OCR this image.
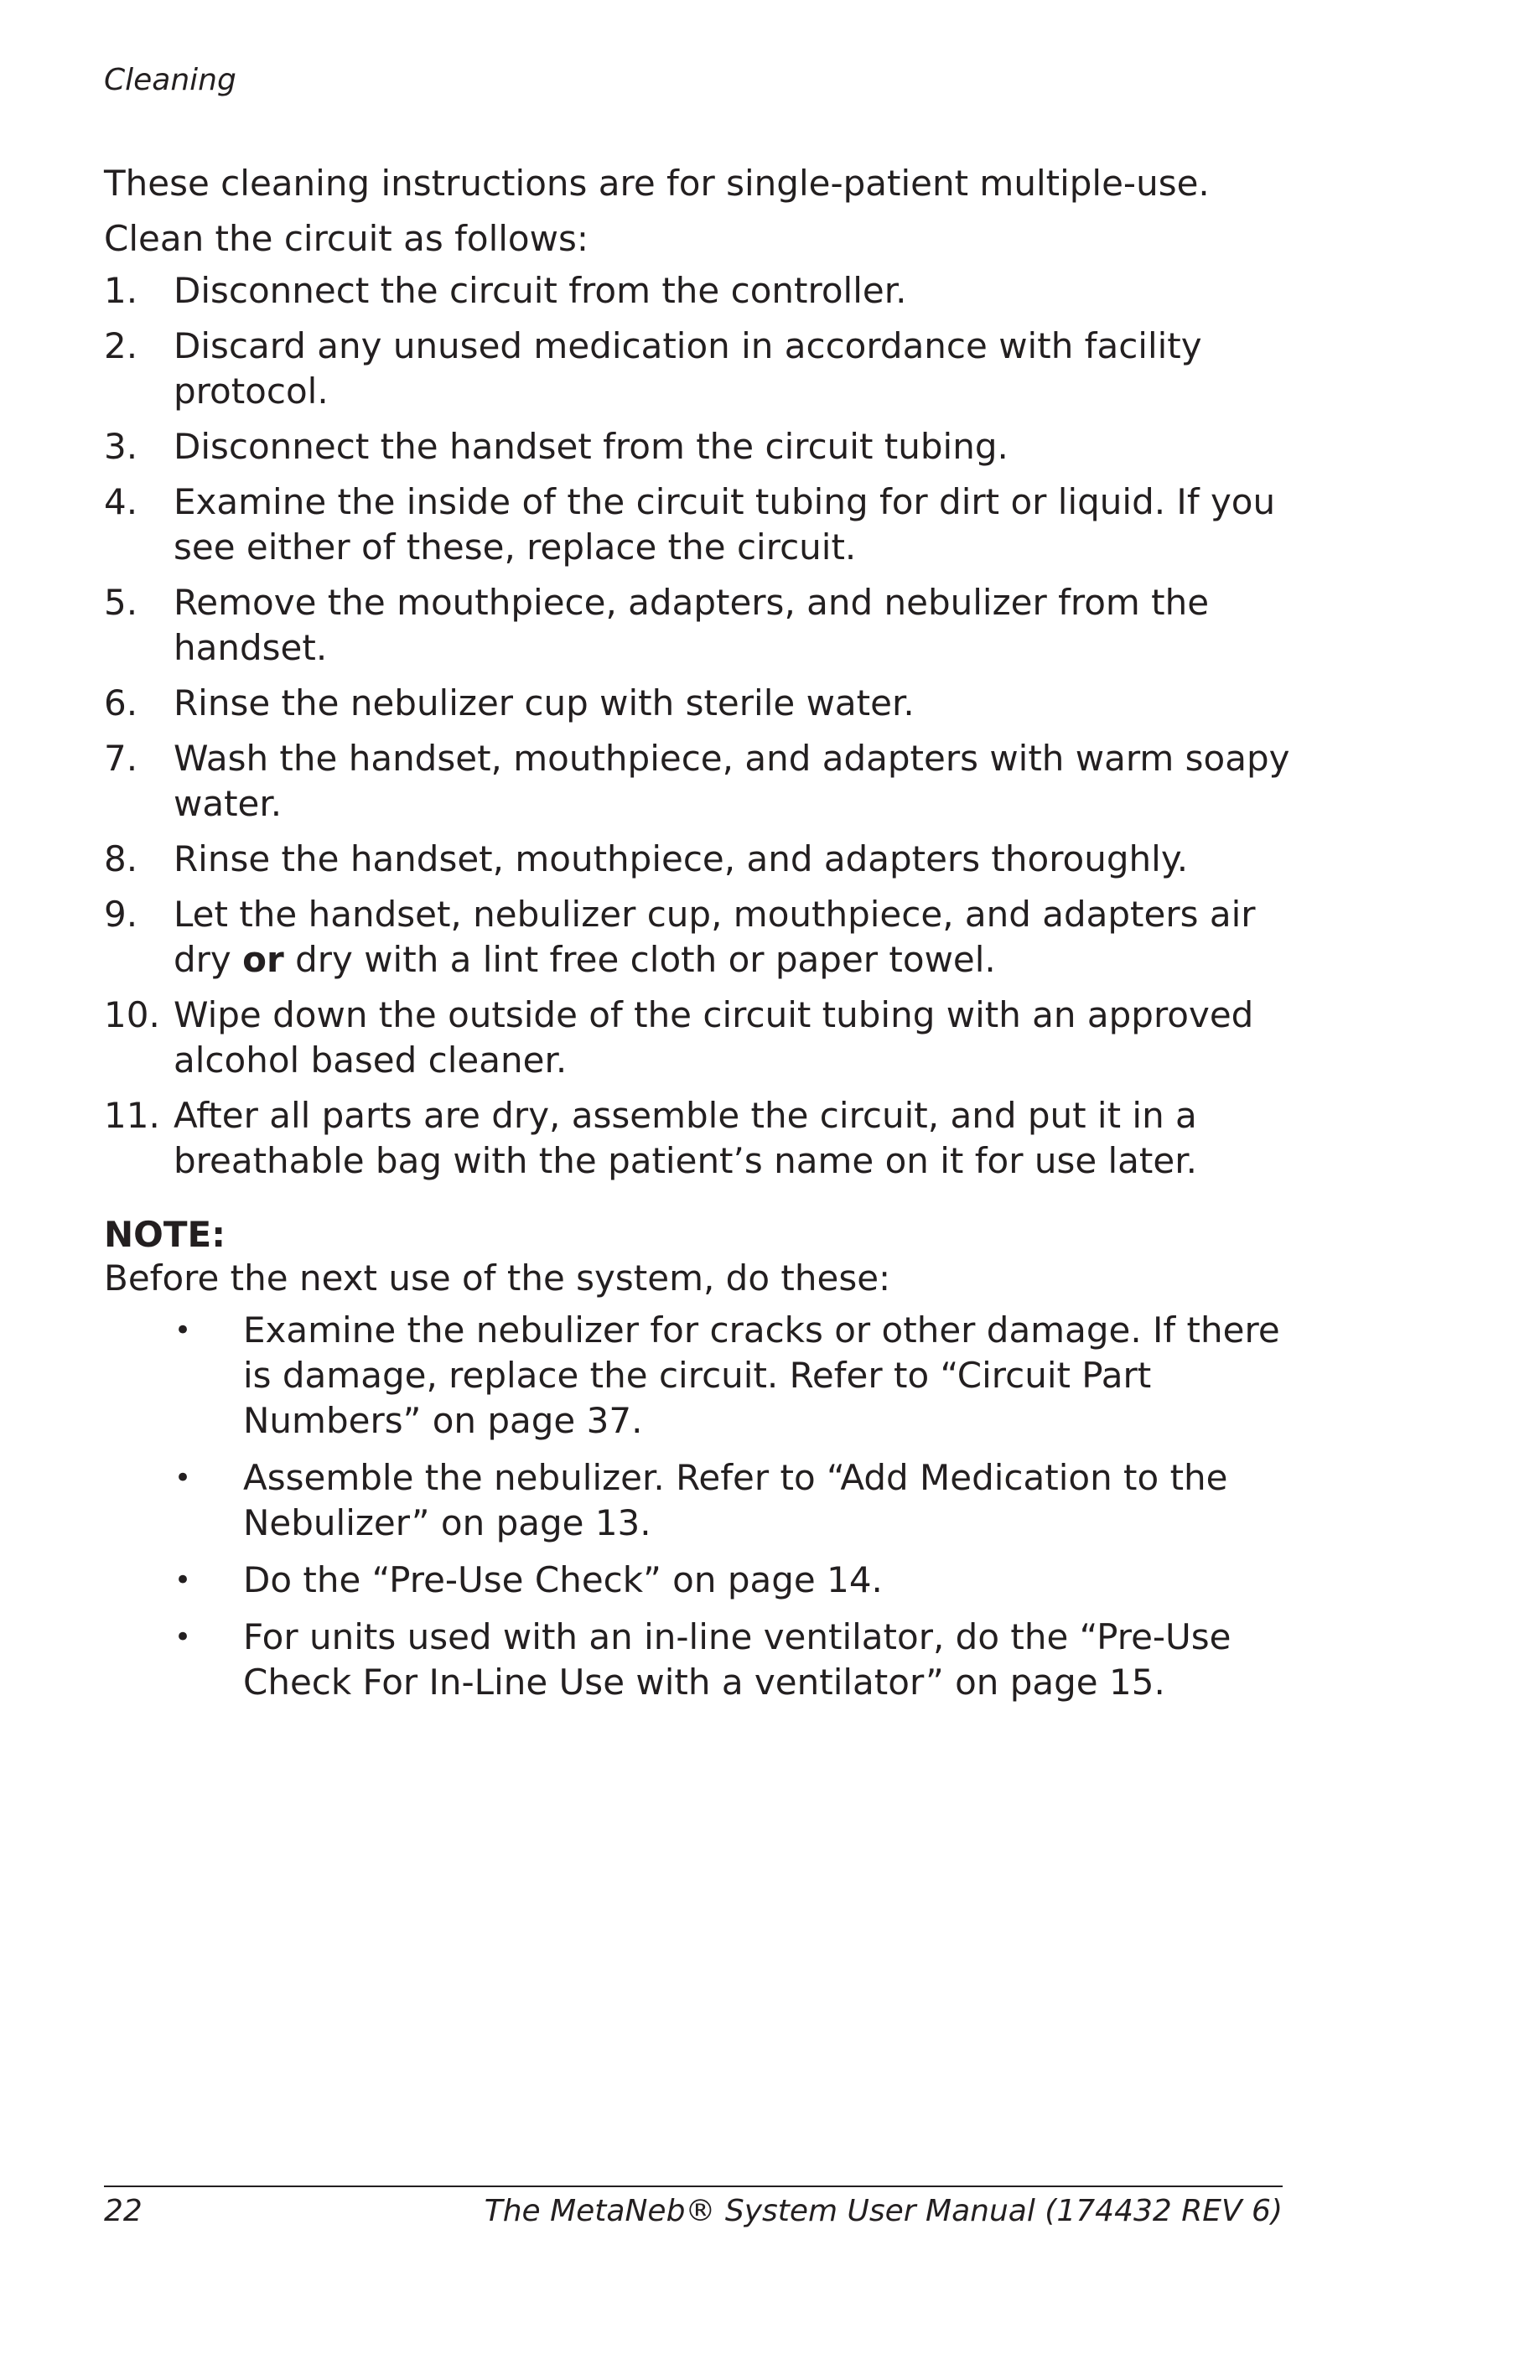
Cleaning

These cleaning instructions are for single-patient multiple-use.

Clean the circuit as follows:

1.	Disconnect the circuit from the controller.
2.	Discard any unused medication in accordance with facility protocol.
3.	Disconnect the handset from the circuit tubing.
4.	Examine the inside of the circuit tubing for dirt or liquid. If you see either of these, replace the circuit.
5.	Remove the mouthpiece, adapters, and nebulizer from the handset.
6.	Rinse the nebulizer cup with sterile water.
7.	Wash the handset, mouthpiece, and adapters with warm soapy water.
8.	Rinse the handset, mouthpiece, and adapters thoroughly.
9.	Let the handset, nebulizer cup, mouthpiece, and adapters air dry or dry with a lint free cloth or paper towel.
10. Wipe down the outside of the circuit tubing with an approved alcohol based cleaner.
11. After all parts are dry, assemble the circuit, and put it in a breathable bag with the patient’s name on it for use later.
NOTE:

Before the next use of the system, do these:

• Examine the nebulizer for cracks or other damage. If there is damage, replace the circuit. Refer to “Circuit Part Numbers” on page 37.
• Assemble the nebulizer. Refer to “Add Medication to the Nebulizer” on page 13.
• Do the “Pre-Use Check” on page 14.
• For units used with an in-line ventilator, do the “Pre-Use Check For In-Line Use with a ventilator” on page 15.
22	The MetaNeb® System User Manual (174432 REV 6)
